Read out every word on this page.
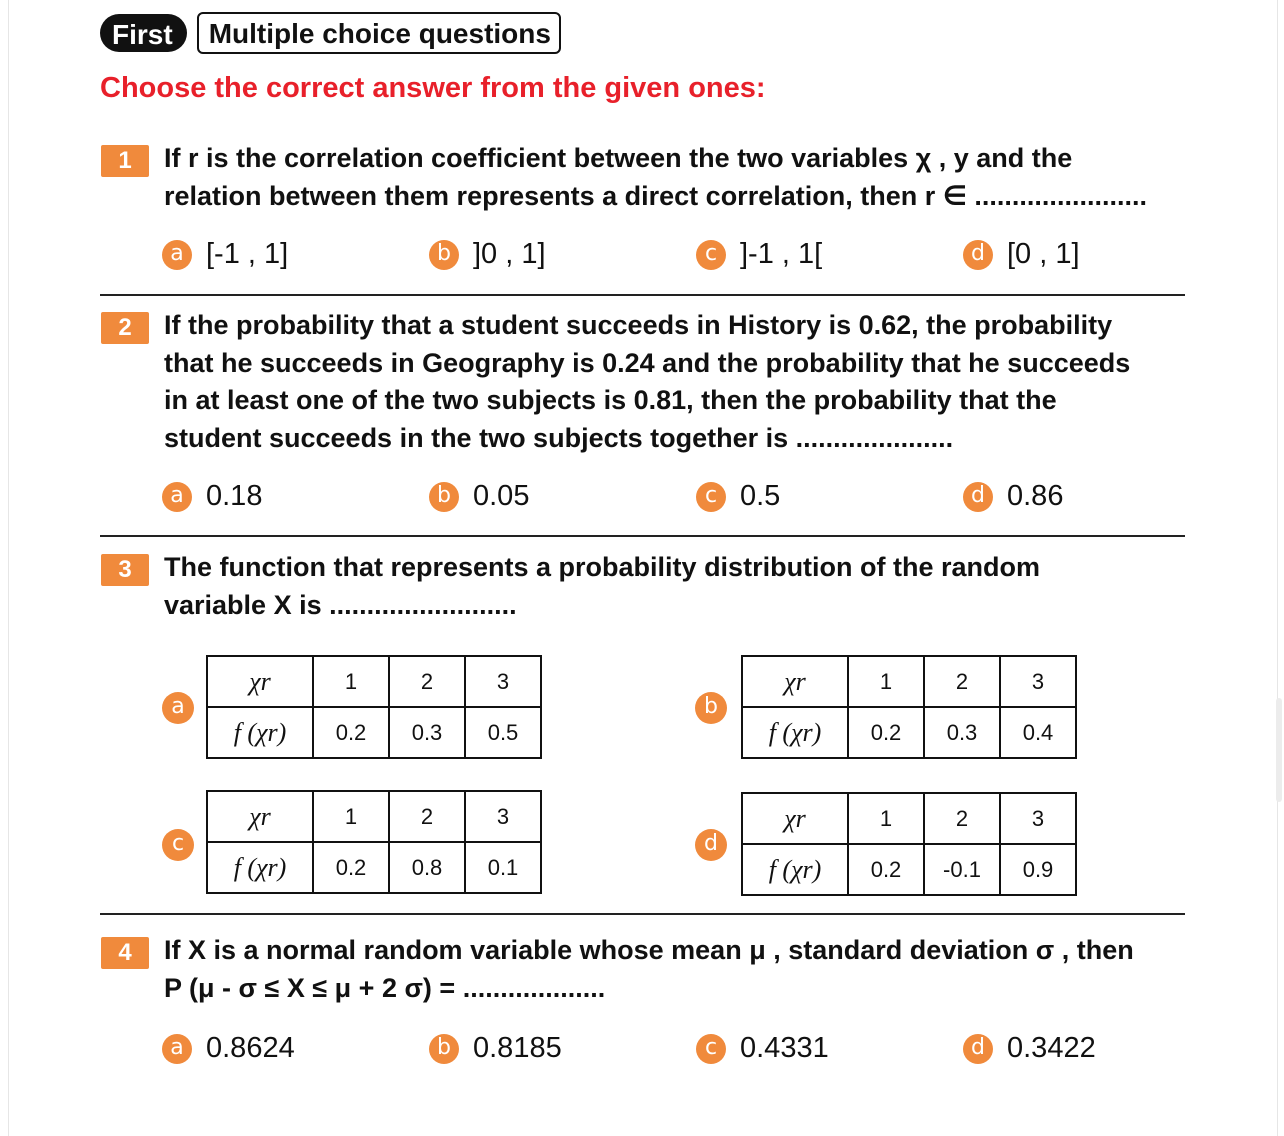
First	Multiple choice questions
Choose the correct answer from the given ones:
1	If r is the correlation coefficient between the two variables χ , y and the
relation between them represents a direct correlation, then r ∈ .......................
a [-1 , 1]	b ]0 , 1]	c ]-1 , 1[	d [0 , 1]
2	If the probability that a student succeeds in History is 0.62, the probability
that he succeeds in Geography is 0.24 and the probability that he succeeds
in at least one of the two subjects is 0.81, then the probability that the
student succeeds in the two subjects together is .....................
a 0.18	b 0.05	c 0.5	d 0.86
3	The function that represents a probability distribution of the random
variable X is .........................
a
χr	1	2	3
f (χr)	0.2	0.3	0.5
b
χr	1	2	3
f (χr)	0.2	0.3	0.4
c
χr	1	2	3
f (χr)	0.2	0.8	0.1
d
χr	1	2	3
f (χr)	0.2	-0.1	0.9
4	If X is a normal random variable whose mean μ , standard deviation σ , then
P (μ - σ ≤ X ≤ μ + 2 σ) = ...................
a 0.8624	b 0.8185	c 0.4331	d 0.3422
